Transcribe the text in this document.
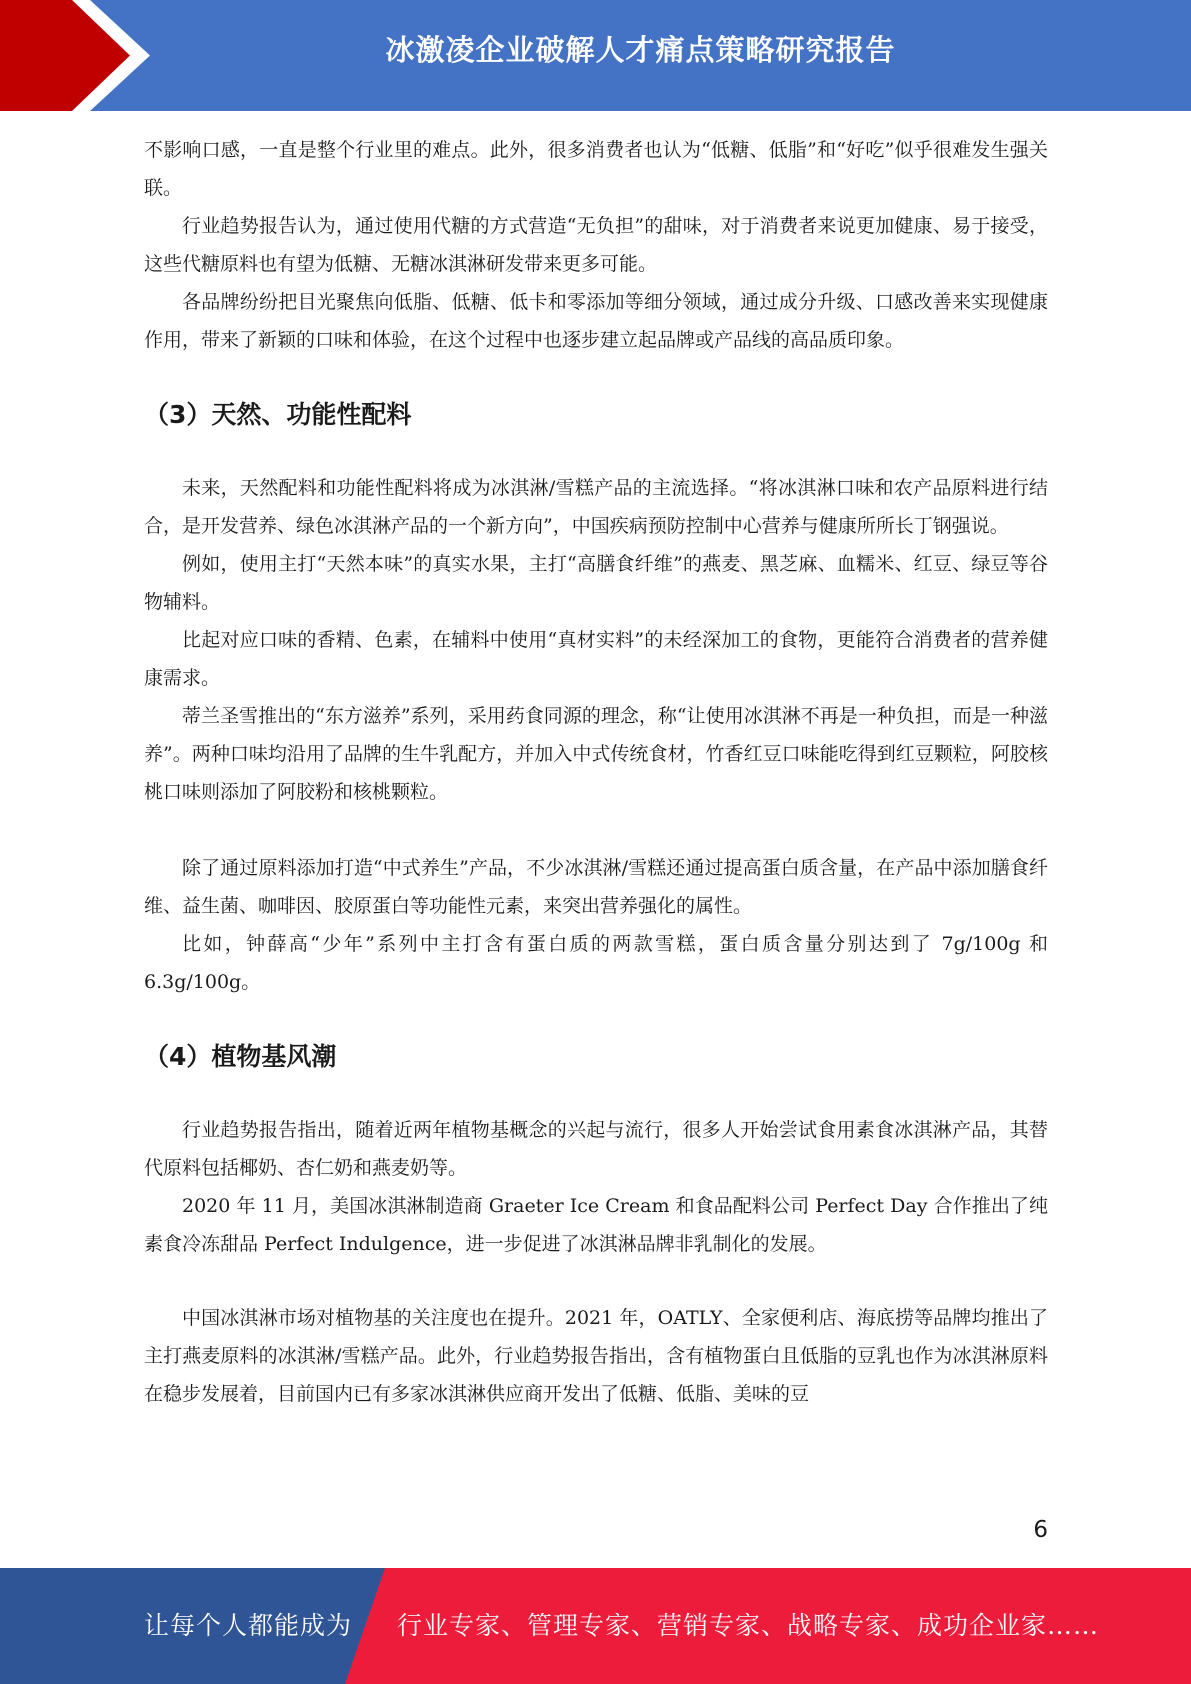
冰激凌企业破解人才痛点策略研究报告

不影响口感，一直是整个行业里的难点。此外，很多消费者也认为“低糖、低脂”和“好吃”似乎很难发生强关联。

行业趋势报告认为，通过使用代糖的方式营造“无负担”的甜味，对于消费者来说更加健康、易于接受，这些代糖原料也有望为低糖、无糖冰淇淋研发带来更多可能。

各品牌纷纷把目光聚焦向低脂、低糖、低卡和零添加等细分领域，通过成分升级、口感改善来实现健康作用，带来了新颖的口味和体验，在这个过程中也逐步建立起品牌或产品线的高品质印象。

（3）天然、功能性配料

未来，天然配料和功能性配料将成为冰淇淋/雪糕产品的主流选择。“将冰淇淋口味和农产品原料进行结合，是开发营养、绿色冰淇淋产品的一个新方向”，中国疾病预防控制中心营养与健康所所长丁钢强说。

例如，使用主打“天然本味”的真实水果，主打“高膳食纤维”的燕麦、黑芝麻、血糯米、红豆、绿豆等谷物辅料。

比起对应口味的香精、色素，在辅料中使用“真材实料”的未经深加工的食物，更能符合消费者的营养健康需求。

蒂兰圣雪推出的“东方滋养”系列，采用药食同源的理念，称“让使用冰淇淋不再是一种负担，而是一种滋养”。两种口味均沿用了品牌的生牛乳配方，并加入中式传统食材，竹香红豆口味能吃得到红豆颗粒，阿胶核桃口味则添加了阿胶粉和核桃颗粒。

除了通过原料添加打造“中式养生”产品，不少冰淇淋/雪糕还通过提高蛋白质含量，在产品中添加膳食纤维、益生菌、咖啡因、胶原蛋白等功能性元素，来突出营养强化的属性。

比如，钟薛高“少年”系列中主打含有蛋白质的两款雪糕，蛋白质含量分别达到了 7g/100g 和 6.3g/100g。

（4）植物基风潮

行业趋势报告指出，随着近两年植物基概念的兴起与流行，很多人开始尝试食用素食冰淇淋产品，其替代原料包括椰奶、杏仁奶和燕麦奶等。

2020 年 11 月，美国冰淇淋制造商 Graeter Ice Cream 和食品配料公司 Perfect Day 合作推出了纯素食冷冻甜品 Perfect Indulgence，进一步促进了冰淇淋品牌非乳制化的发展。

中国冰淇淋市场对植物基的关注度也在提升。2021 年，OATLY、全家便利店、海底捞等品牌均推出了主打燕麦原料的冰淇淋/雪糕产品。此外，行业趋势报告指出，含有植物蛋白且低脂的豆乳也作为冰淇淋原料在稳步发展着，目前国内已有多家冰淇淋供应商开发出了低糖、低脂、美味的豆

6
让每个人都能成为 行业专家、管理专家、营销专家、战略专家、成功企业家……
